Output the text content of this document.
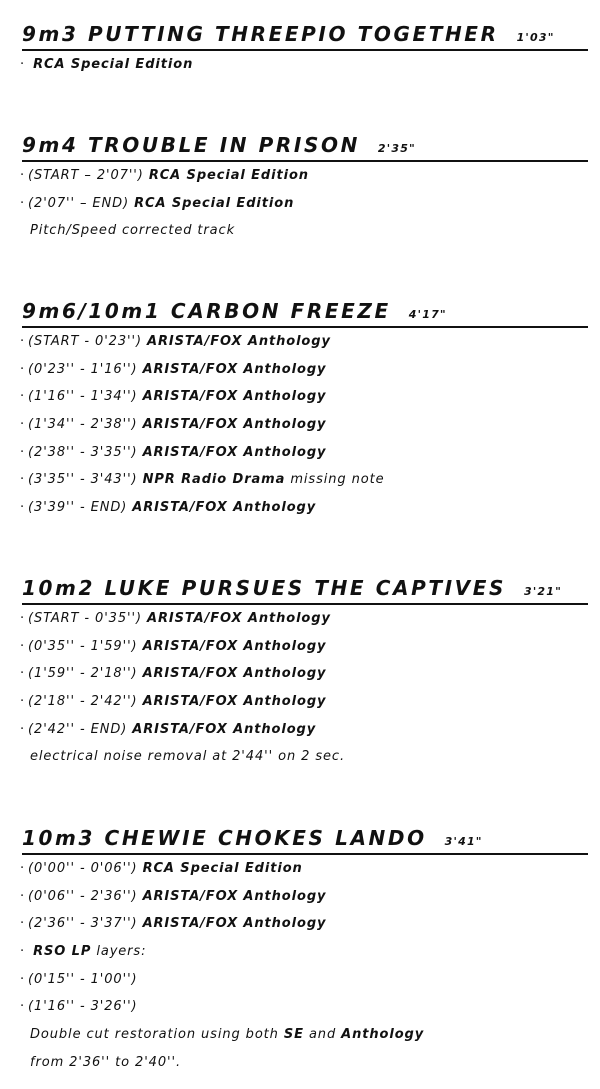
9m3 PUTTING THREEPIO TOGETHER 1'03"
· RCA Special Edition
9m4 TROUBLE IN PRISON 2'35"
· (START – 2'07'') RCA Special Edition
· (2'07'' – END) RCA Special Edition
Pitch/Speed corrected track
9m6/10m1 CARBON FREEZE 4'17"
· (START - 0'23'') ARISTA/FOX Anthology
· (0'23'' - 1'16'') ARISTA/FOX Anthology
· (1'16'' - 1'34'') ARISTA/FOX Anthology
· (1'34'' - 2'38'') ARISTA/FOX Anthology
· (2'38'' - 3'35'') ARISTA/FOX Anthology
· (3'35'' - 3'43'') NPR Radio Drama missing note
· (3'39'' - END) ARISTA/FOX Anthology
10m2 LUKE PURSUES THE CAPTIVES 3'21"
· (START - 0'35'') ARISTA/FOX Anthology
· (0'35'' - 1'59'') ARISTA/FOX Anthology
· (1'59'' - 2'18'') ARISTA/FOX Anthology
· (2'18'' - 2'42'') ARISTA/FOX Anthology
· (2'42'' - END) ARISTA/FOX Anthology
electrical noise removal at 2'44'' on 2 sec.
10m3 CHEWIE CHOKES LANDO 3'41"
· (0'00'' - 0'06'') RCA Special Edition
· (0'06'' - 2'36'') ARISTA/FOX Anthology
· (2'36'' - 3'37'') ARISTA/FOX Anthology
· RSO LP layers:
· (0'15'' - 1'00'')
· (1'16'' - 3'26'')
Double cut restoration using both SE and Anthology
from 2'36'' to 2'40''.
